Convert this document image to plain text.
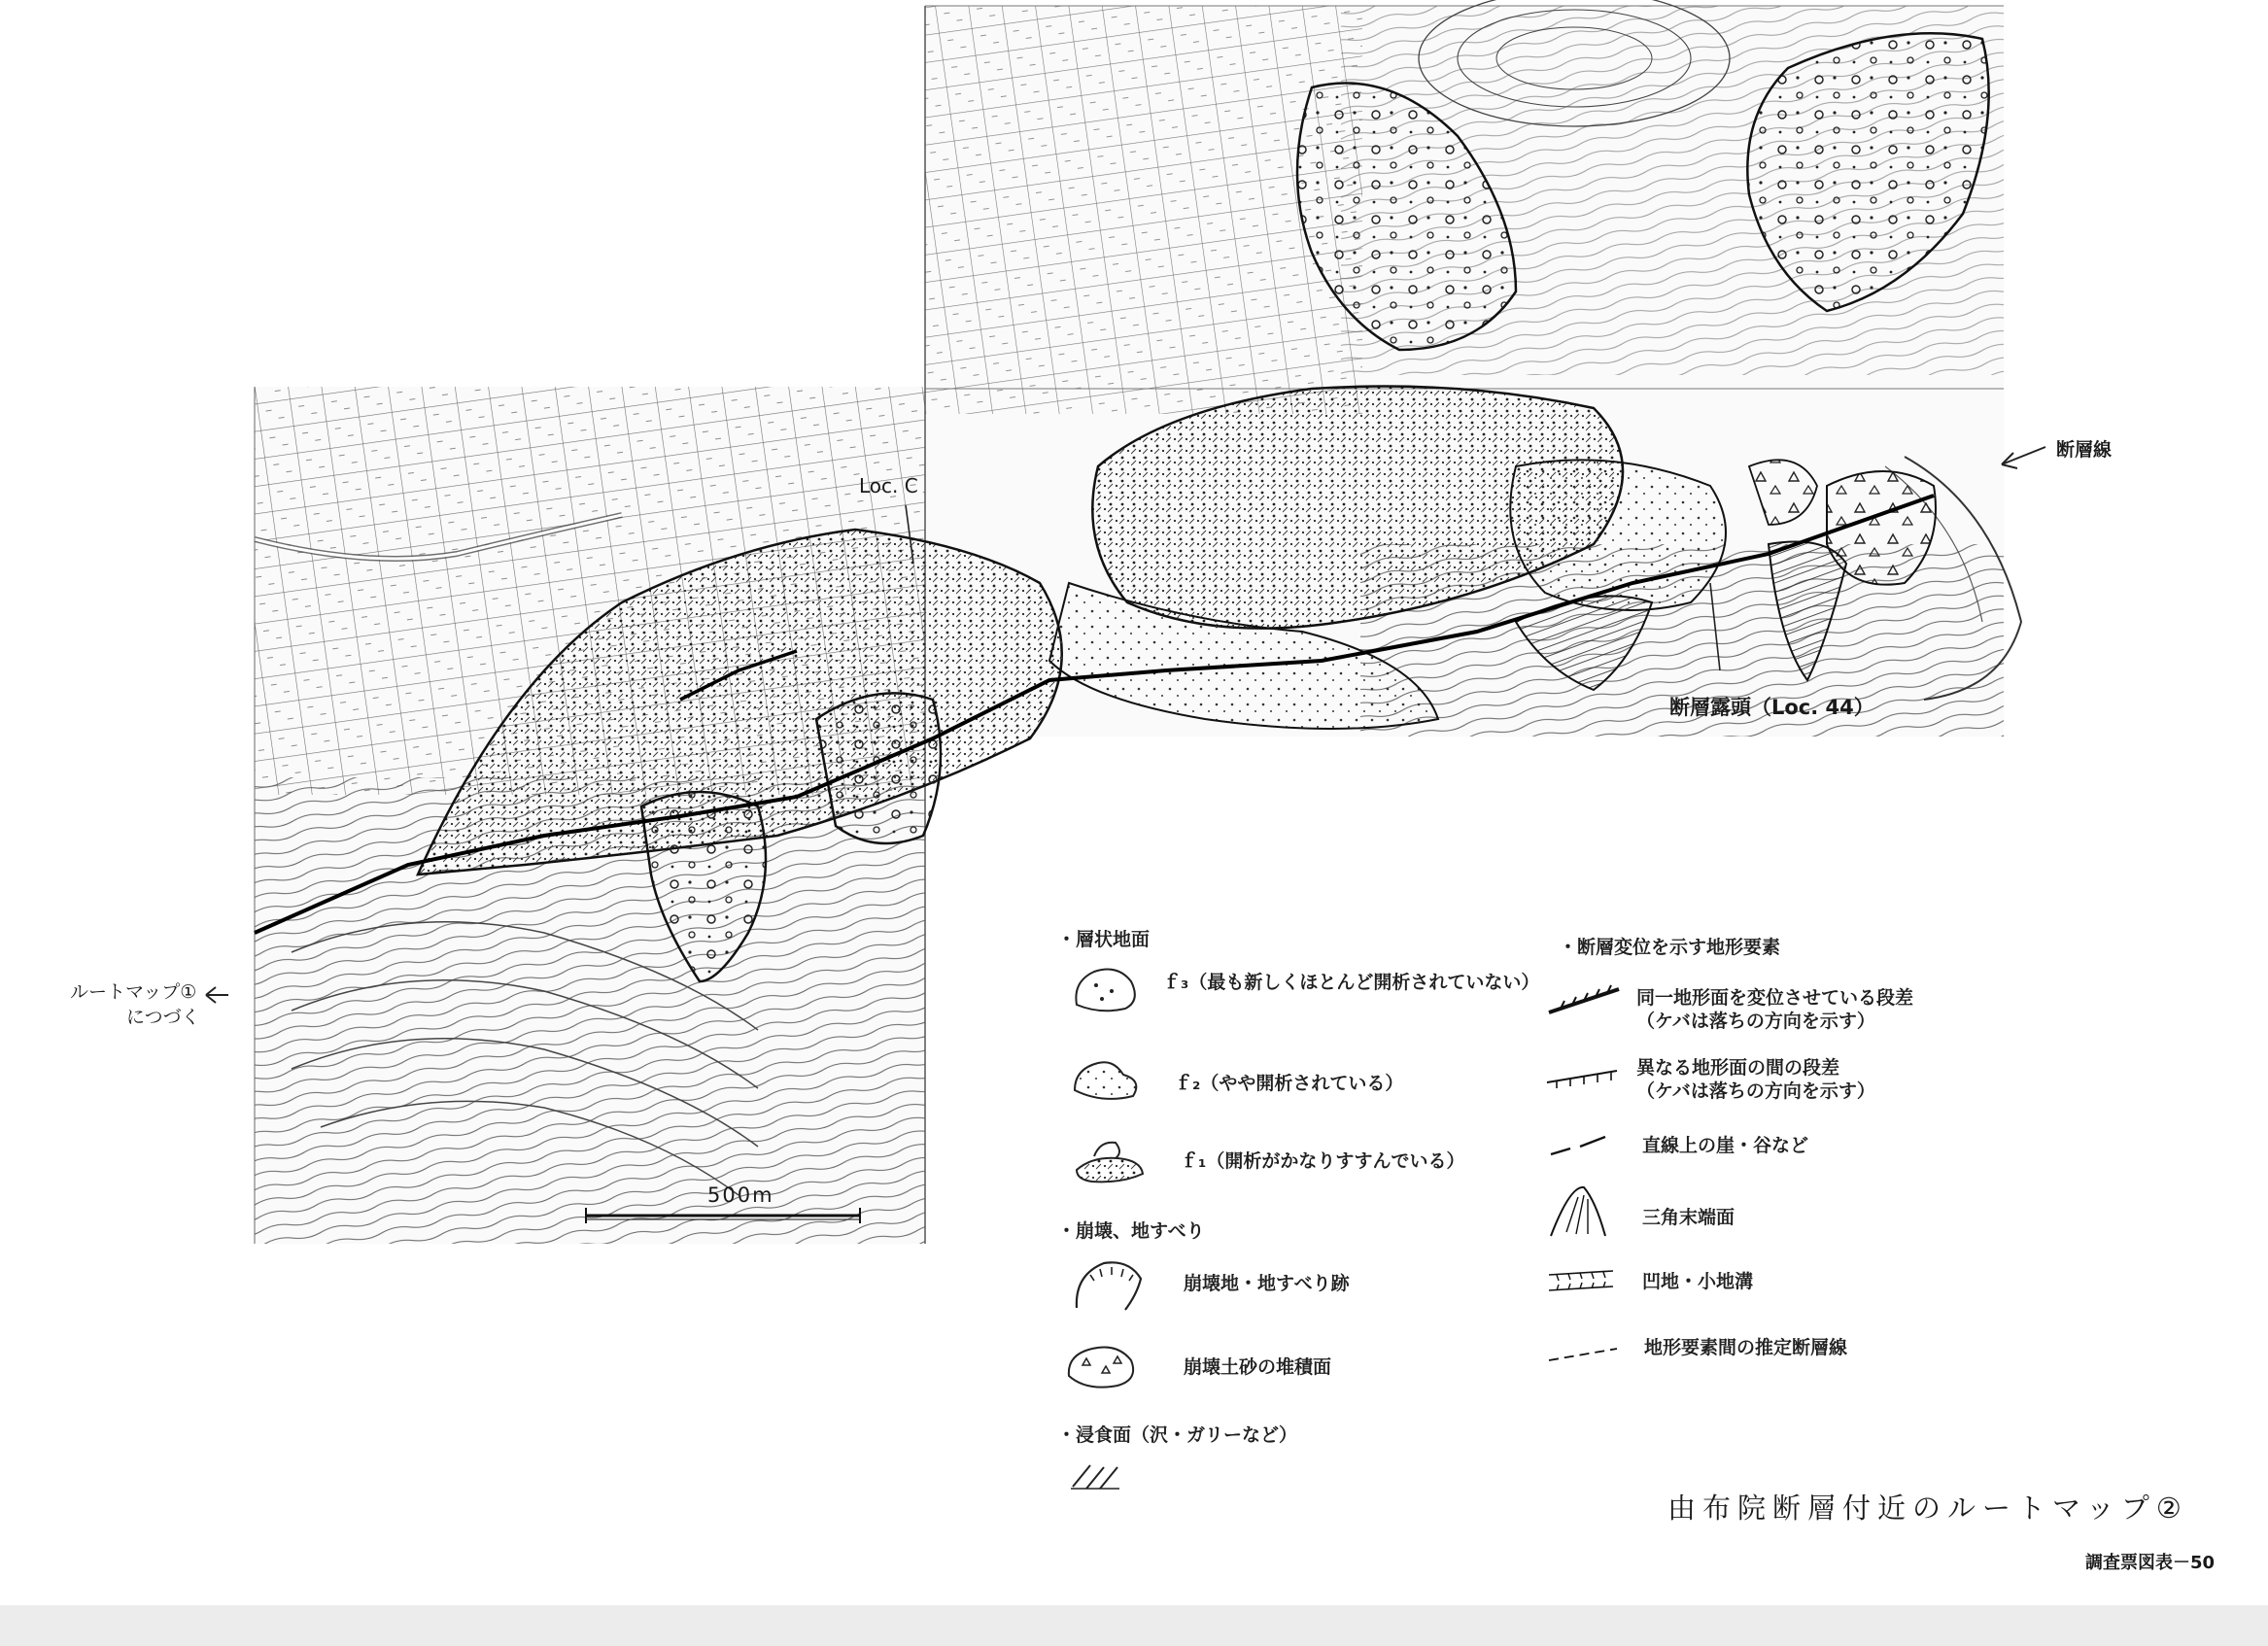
Loc. C
断層露頭（Loc. 44）
断層線
ルートマップ①
につづく
500m
・層状地面
ｆ₃（最も新しくほとんど開析されていない）
ｆ₂（やや開析されている）
ｆ₁（開析がかなりすすんでいる）
・崩壊、地すべり
崩壊地・地すべり跡
崩壊土砂の堆積面
・浸食面（沢・ガリーなど）
・断層変位を示す地形要素
同一地形面を変位させている段差
（ケバは落ちの方向を示す）
異なる地形面の間の段差
（ケバは落ちの方向を示す）
直線上の崖・谷など
三角末端面
凹地・小地溝
地形要素間の推定断層線
由布院断層付近のルートマップ②
調査票図表－50
